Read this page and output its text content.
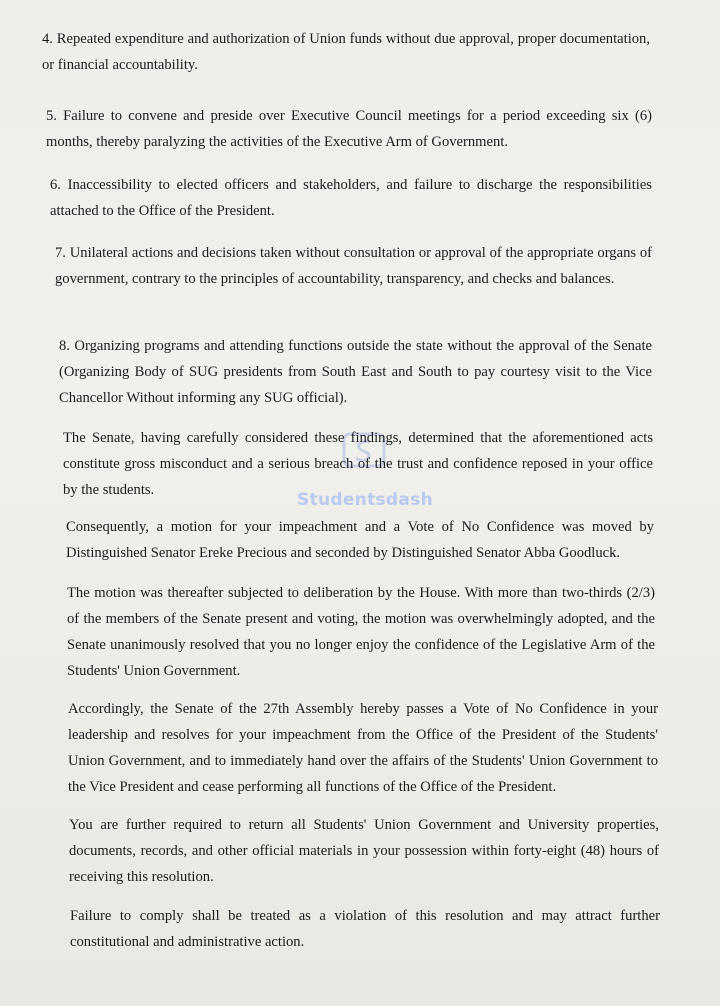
4. Repeated expenditure and authorization of Union funds without due approval, proper documentation, or financial accountability.

5. Failure to convene and preside over Executive Council meetings for a period exceeding six (6) months, thereby paralyzing the activities of the Executive Arm of Government.

6. Inaccessibility to elected officers and stakeholders, and failure to discharge the responsibilities attached to the Office of the President.

7. Unilateral actions and decisions taken without consultation or approval of the appropriate organs of government, contrary to the principles of accountability, transparency, and checks and balances.

8. Organizing programs and attending functions outside the state without the approval of the Senate (Organizing Body of SUG presidents from South East and South to pay courtesy visit to the Vice Chancellor Without informing any SUG official).

The Senate, having carefully considered these findings, determined that the aforementioned acts constitute gross misconduct and a serious breach of the trust and confidence reposed in your office by the students.	Studentsdash

Consequently, a motion for your impeachment and a Vote of No Confidence was moved by Distinguished Senator Ereke Precious and seconded by Distinguished Senator Abba Goodluck.

The motion was thereafter subjected to deliberation by the House. With more than two-thirds (2/3) of the members of the Senate present and voting, the motion was overwhelmingly adopted, and the Senate unanimously resolved that you no longer enjoy the confidence of the Legislative Arm of the Students' Union Government.

Accordingly, the Senate of the 27th Assembly hereby passes a Vote of No Confidence in your leadership and resolves for your impeachment from the Office of the President of the Students' Union Government, and to immediately hand over the affairs of the Students' Union Government to the Vice President and cease performing all functions of the Office of the President.

You are further required to return all Students' Union Government and University properties, documents, records, and other official materials in your possession within forty-eight (48) hours of receiving this resolution.

Failure to comply shall be treated as a violation of this resolution and may attract further constitutional and administrative action.
